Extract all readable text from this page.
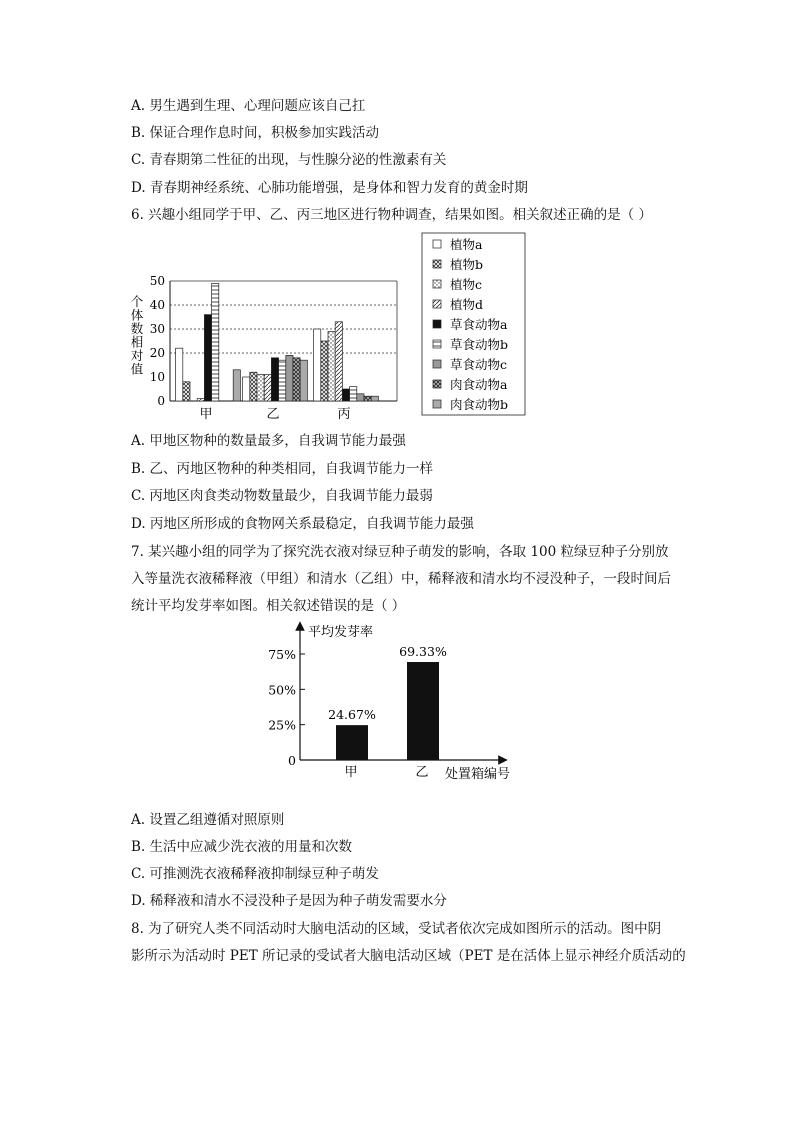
A. 男生遇到生理、心理问题应该自己扛
B. 保证合理作息时间，积极参加实践活动
C. 青春期第二性征的出现，与性腺分泌的性激素有关
D. 青春期神经系统、心肺功能增强，是身体和智力发育的黄金时期
6. 兴趣小组同学于甲、乙、丙三地区进行物种调查，结果如图。相关叙述正确的是（ ）
0
10
20
30
40
50
甲	乙	丙
个
体
数
相
对
值
植物a
植物b
植物c
植物d
草食动物a
草食动物b
草食动物c
肉食动物a
肉食动物b
A. 甲地区物种的数量最多，自我调节能力最强
B. 乙、丙地区物种的种类相同，自我调节能力一样
C. 丙地区肉食类动物数量最少，自我调节能力最弱
D. 丙地区所形成的食物网关系最稳定，自我调节能力最强
7. 某兴趣小组的同学为了探究洗衣液对绿豆种子萌发的影响，各取 100 粒绿豆种子分别放
入等量洗衣液稀释液（甲组）和清水（乙组）中，稀释液和清水均不浸没种子，一段时间后
统计平均发芽率如图。相关叙述错误的是（ ）
平均发芽率
处置箱编号
0
25%
50%
75%
24.67%
甲
69.33%
乙
A. 设置乙组遵循对照原则
B. 生活中应减少洗衣液的用量和次数
C. 可推测洗衣液稀释液抑制绿豆种子萌发
D. 稀释液和清水不浸没种子是因为种子萌发需要水分
8. 为了研究人类不同活动时大脑电活动的区域，受试者依次完成如图所示的活动。图中阴
影所示为活动时 PET 所记录的受试者大脑电活动区域（PET 是在活体上显示神经介质活动的
